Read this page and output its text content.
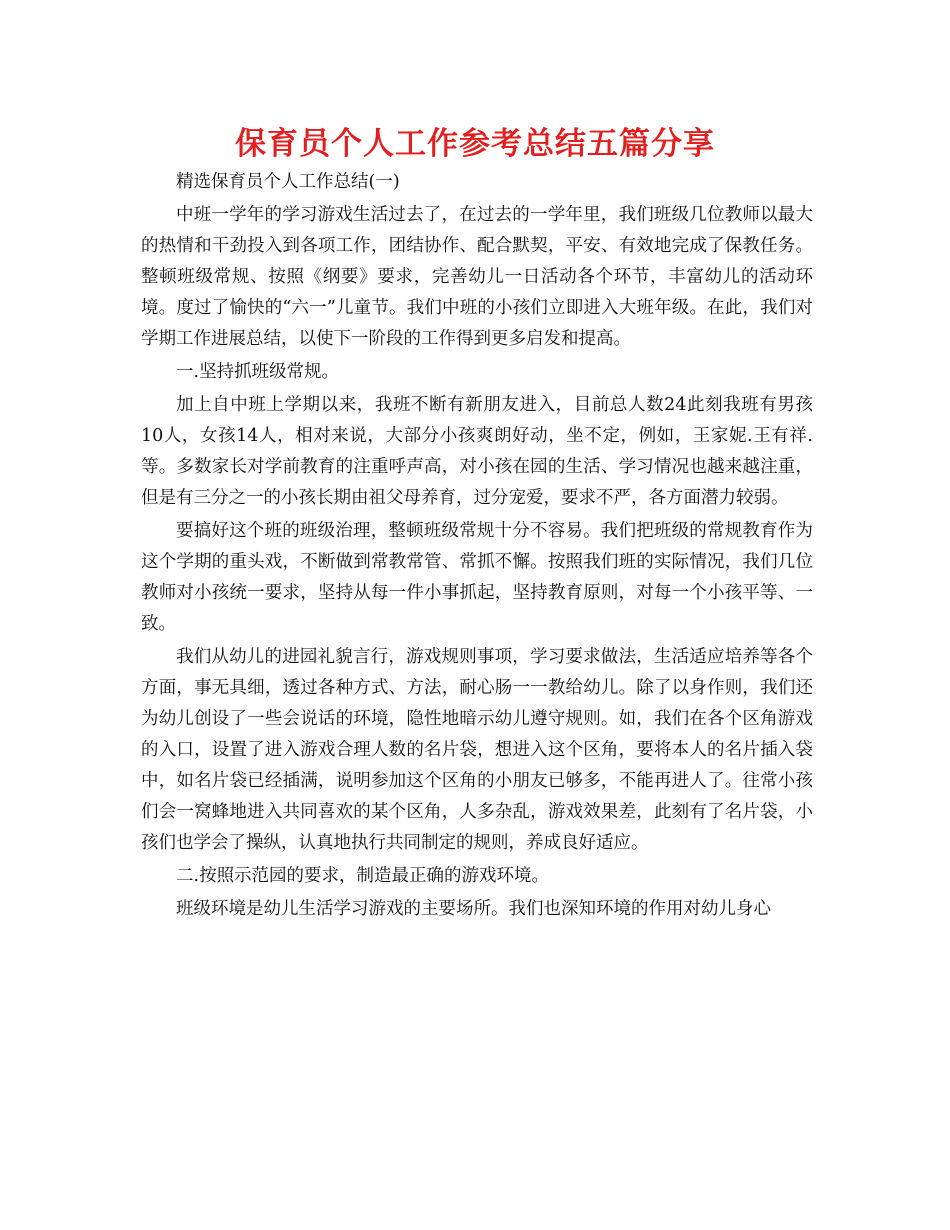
保育员个人工作参考总结五篇分享

精选保育员个人工作总结(一)

中班一学年的学习游戏生活过去了，在过去的一学年里，我们班级几位教师以最大的热情和干劲投入到各项工作，团结协作、配合默契，平安、有效地完成了保教任务。整顿班级常规、按照《纲要》要求，完善幼儿一日活动各个环节，丰富幼儿的活动环境。度过了愉快的“六一”儿童节。我们中班的小孩们立即进入大班年级。在此，我们对学期工作进展总结，以使下一阶段的工作得到更多启发和提高。

一.坚持抓班级常规。

加上自中班上学期以来，我班不断有新朋友进入，目前总人数24此刻我班有男孩10人，女孩14人，相对来说，大部分小孩爽朗好动，坐不定，例如，王家妮.王有祥.等。多数家长对学前教育的注重呼声高，对小孩在园的生活、学习情况也越来越注重，但是有三分之一的小孩长期由祖父母养育，过分宠爱，要求不严，各方面潜力较弱。

要搞好这个班的班级治理，整顿班级常规十分不容易。我们把班级的常规教育作为这个学期的重头戏，不断做到常教常管、常抓不懈。按照我们班的实际情况，我们几位教师对小孩统一要求，坚持从每一件小事抓起，坚持教育原则，对每一个小孩平等、一致。

我们从幼儿的进园礼貌言行，游戏规则事项，学习要求做法，生活适应培养等各个方面，事无具细，透过各种方式、方法，耐心肠一一教给幼儿。除了以身作则，我们还为幼儿创设了一些会说话的环境，隐性地暗示幼儿遵守规则。如，我们在各个区角游戏的入口，设置了进入游戏合理人数的名片袋，想进入这个区角，要将本人的名片插入袋中，如名片袋已经插满，说明参加这个区角的小朋友已够多，不能再进人了。往常小孩们会一窝蜂地进入共同喜欢的某个区角，人多杂乱，游戏效果差，此刻有了名片袋，小孩们也学会了操纵，认真地执行共同制定的规则，养成良好适应。

二.按照示范园的要求，制造最正确的游戏环境。

班级环境是幼儿生活学习游戏的主要场所。我们也深知环境的作用对幼儿身心
